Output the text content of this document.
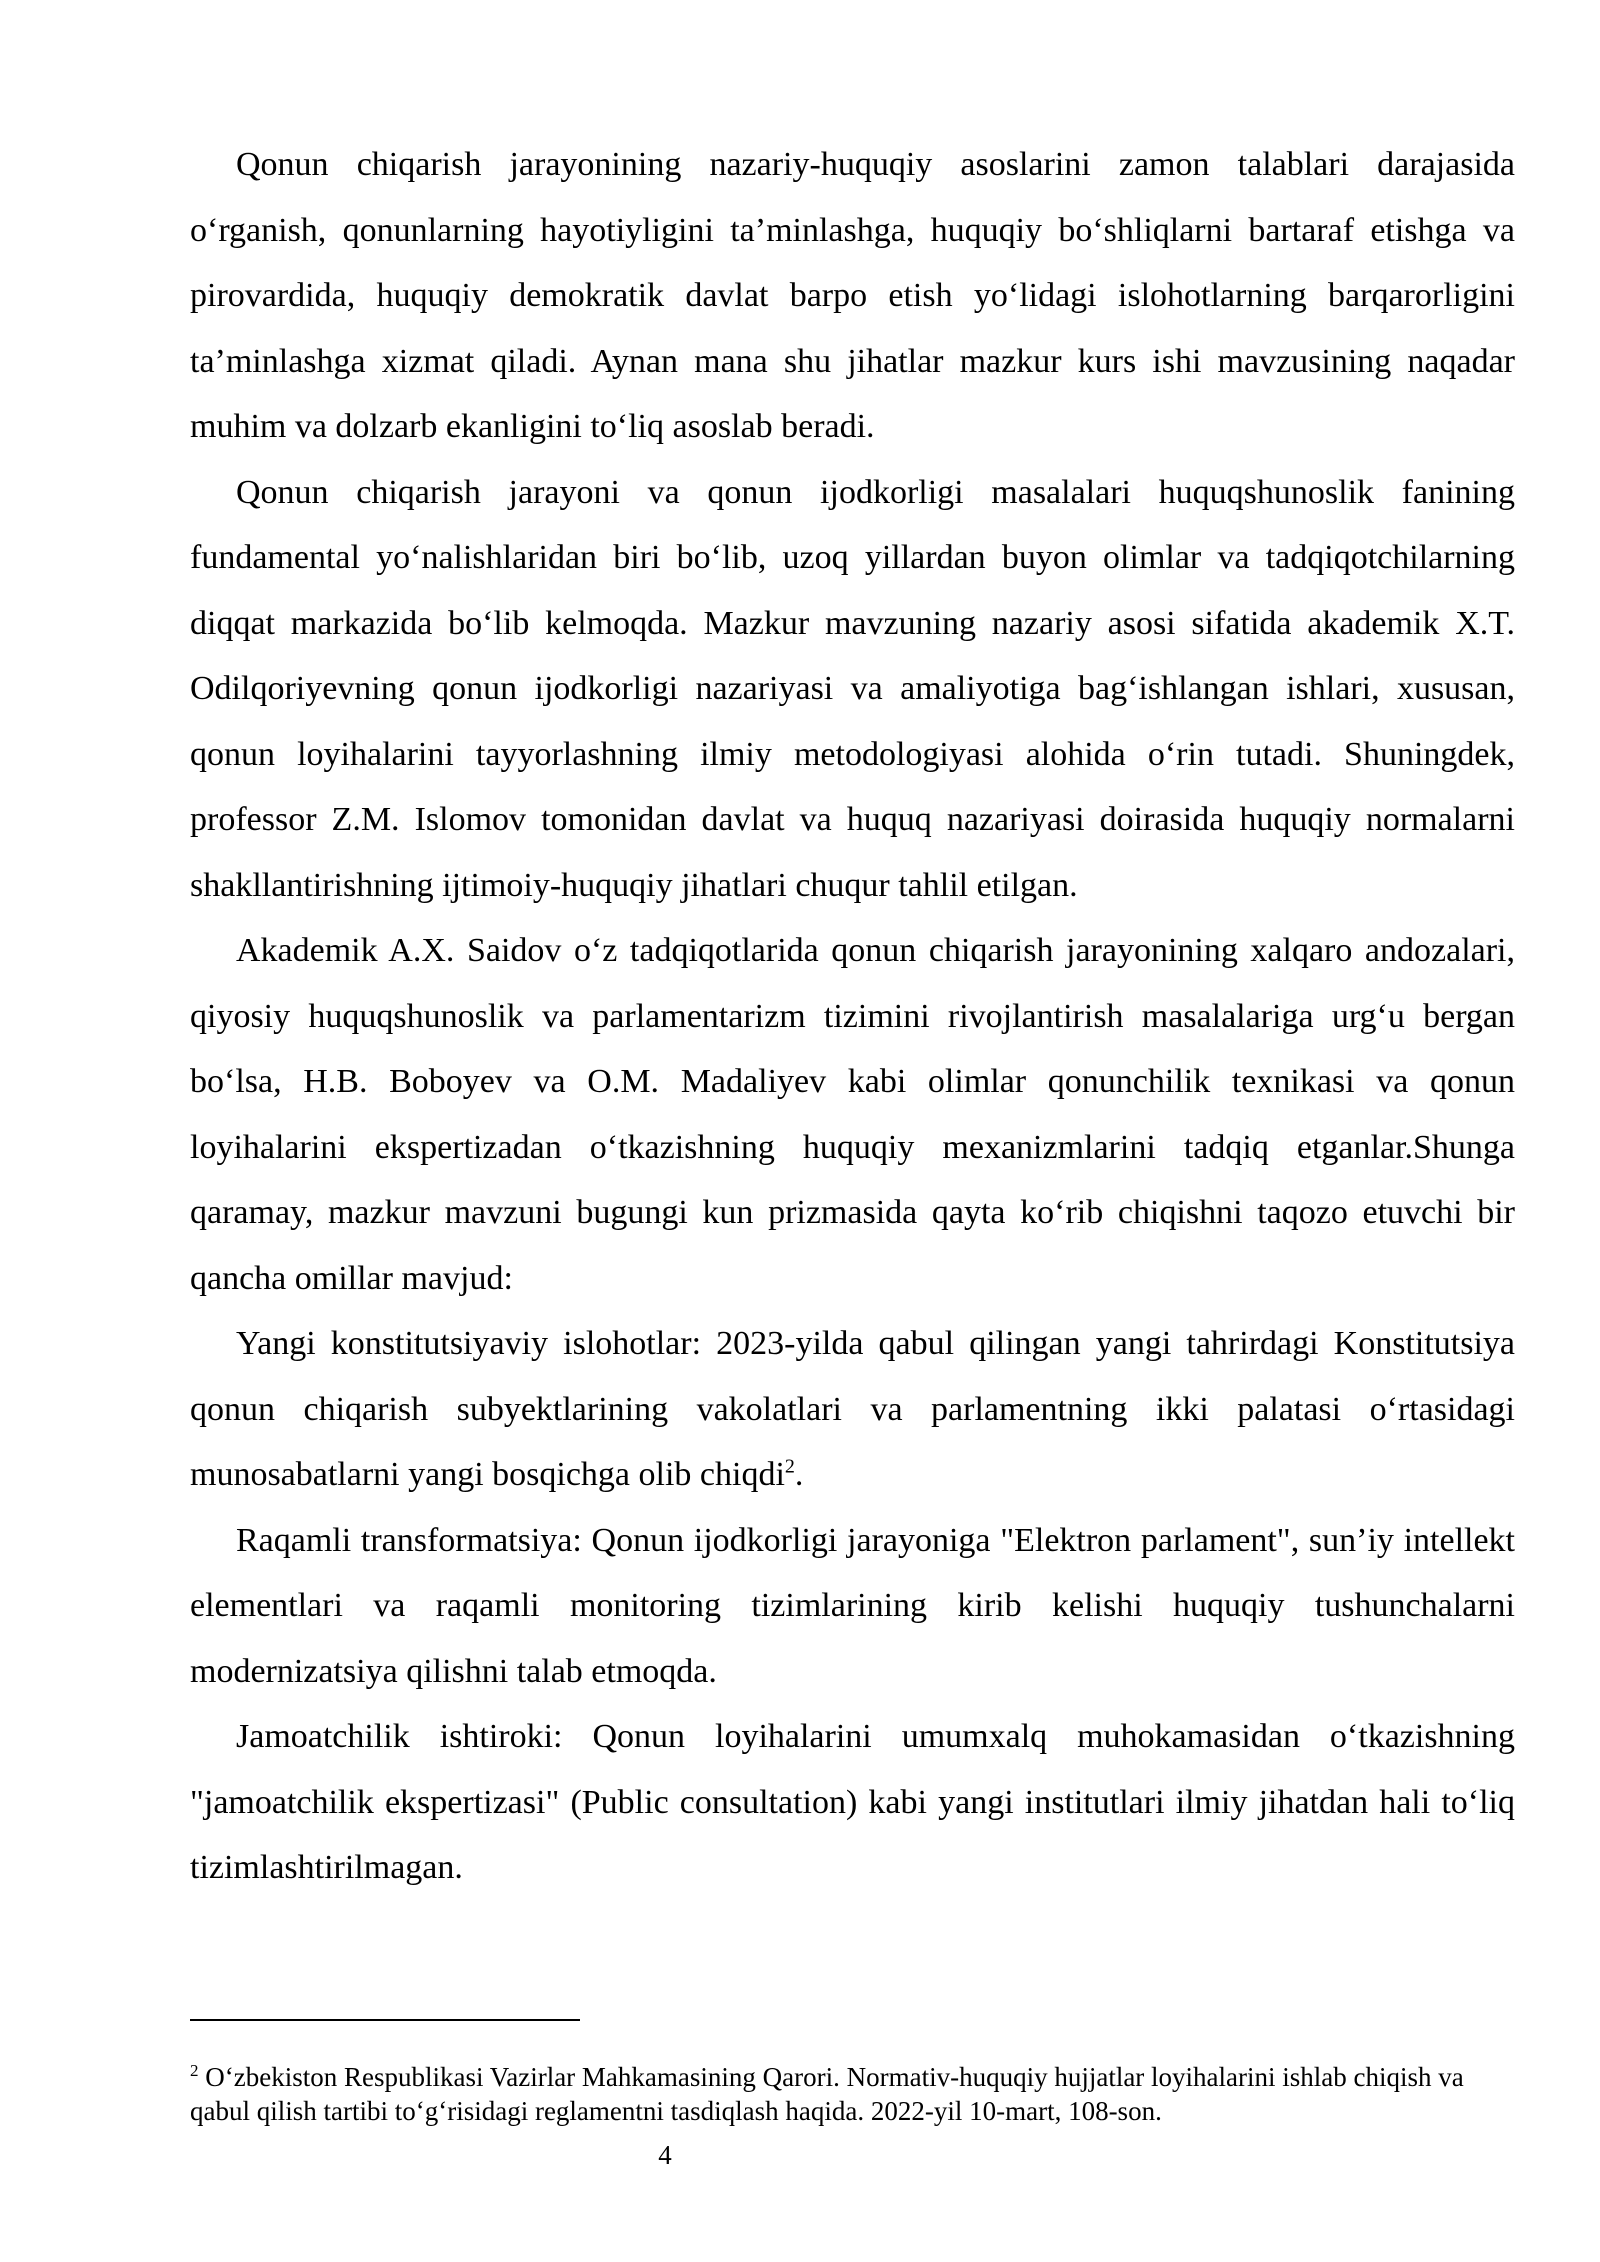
Qonun chiqarish jarayonining nazariy-huquqiy asoslarini zamon talablari darajasida oʻrganish, qonunlarning hayotiyligini ta’minlashga, huquqiy boʻshliqlarni bartaraf etishga va pirovardida, huquqiy demokratik davlat barpo etish yoʻlidagi islohotlarning barqarorligini ta’minlashga xizmat qiladi. Aynan mana shu jihatlar mazkur kurs ishi mavzusining naqadar muhim va dolzarb ekanligini toʻliq asoslab beradi.

Qonun chiqarish jarayoni va qonun ijodkorligi masalalari huquqshunoslik fanining fundamental yoʻnalishlaridan biri boʻlib, uzoq yillardan buyon olimlar va tadqiqotchilarning diqqat markazida boʻlib kelmoqda. Mazkur mavzuning nazariy asosi sifatida akademik X.T. Odilqoriyevning qonun ijodkorligi nazariyasi va amaliyotiga bagʻishlangan ishlari, xususan, qonun loyihalarini tayyorlashning ilmiy metodologiyasi alohida oʻrin tutadi. Shuningdek, professor Z.M. Islomov tomonidan davlat va huquq nazariyasi doirasida huquqiy normalarni shakllantirishning ijtimoiy-huquqiy jihatlari chuqur tahlil etilgan.

Akademik A.X. Saidov oʻz tadqiqotlarida qonun chiqarish jarayonining xalqaro andozalari, qiyosiy huquqshunoslik va parlamentarizm tizimini rivojlantirish masalalariga urgʻu bergan boʻlsa, H.B. Boboyev va O.M. Madaliyev kabi olimlar qonunchilik texnikasi va qonun loyihalarini ekspertizadan oʻtkazishning huquqiy mexanizmlarini tadqiq etganlar.Shunga qaramay, mazkur mavzuni bugungi kun prizmasida qayta koʻrib chiqishni taqozo etuvchi bir qancha omillar mavjud:

Yangi konstitutsiyaviy islohotlar: 2023-yilda qabul qilingan yangi tahrirdagi Konstitutsiya qonun chiqarish subyektlarining vakolatlari va parlamentning ikki palatasi oʻrtasidagi munosabatlarni yangi bosqichga olib chiqdi$^2$.

Raqamli transformatsiya: Qonun ijodkorligi jarayoniga "Elektron parlament", sun’iy intellekt elementlari va raqamli monitoring tizimlarining kirib kelishi huquqiy tushunchalarni modernizatsiya qilishni talab etmoqda.

Jamoatchilik ishtiroki: Qonun loyihalarini umumxalq muhokamasidan oʻtkazishning "jamoatchilik ekspertizasi" (Public consultation) kabi yangi institutlari ilmiy jihatdan hali toʻliq tizimlashtirilmagan.

$^2$ Oʻzbekiston Respublikasi Vazirlar Mahkamasining Qarori. Normativ-huquqiy hujjatlar loyihalarini ishlab chiqish va qabul qilish tartibi toʻgʻrisidagi reglamentni tasdiqlash haqida. 2022-yil 10-mart, 108-son.
4
